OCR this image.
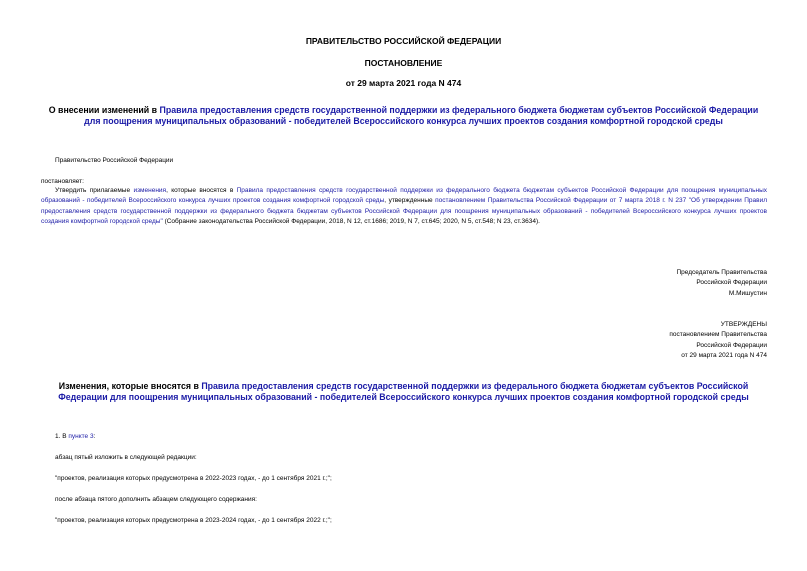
ПРАВИТЕЛЬСТВО РОССИЙСКОЙ ФЕДЕРАЦИИ
ПОСТАНОВЛЕНИЕ
от 29 марта 2021 года N 474
О внесении изменений в Правила предоставления средств государственной поддержки из федерального бюджета бюджетам субъектов Российской Федерации для поощрения муниципальных образований - победителей Всероссийского конкурса лучших проектов создания комфортной городской среды
Правительство Российской Федерации
постановляет:
Утвердить прилагаемые изменения, которые вносятся в Правила предоставления средств государственной поддержки из федерального бюджета бюджетам субъектов Российской Федерации для поощрения муниципальных образований - победителей Всероссийского конкурса лучших проектов создания комфортной городской среды, утвержденные постановлением Правительства Российской Федерации от 7 марта 2018 г. N 237 "Об утверждении Правил предоставления средств государственной поддержки из федерального бюджета бюджетам субъектов Российской Федерации для поощрения муниципальных образований - победителей Всероссийского конкурса лучших проектов создания комфортной городской среды" (Собрание законодательства Российской Федерации, 2018, N 12, ст.1686; 2019, N 7, ст.645; 2020, N 5, ст.548; N 23, ст.3634).
Председатель Правительства
Российской Федерации
М.Мишустин
УТВЕРЖДЕНЫ
постановлением Правительства
Российской Федерации
от 29 марта 2021 года N 474
Изменения, которые вносятся в Правила предоставления средств государственной поддержки из федерального бюджета бюджетам субъектов Российской Федерации для поощрения муниципальных образований - победителей Всероссийского конкурса лучших проектов создания комфортной городской среды
1. В пункте 3:
абзац пятый изложить в следующей редакции:
"проектов, реализация которых предусмотрена в 2022-2023 годах, - до 1 сентября 2021 г.;";
после абзаца пятого дополнить абзацем следующего содержания:
"проектов, реализация которых предусмотрена в 2023-2024 годах, - до 1 сентября 2022 г.;";
